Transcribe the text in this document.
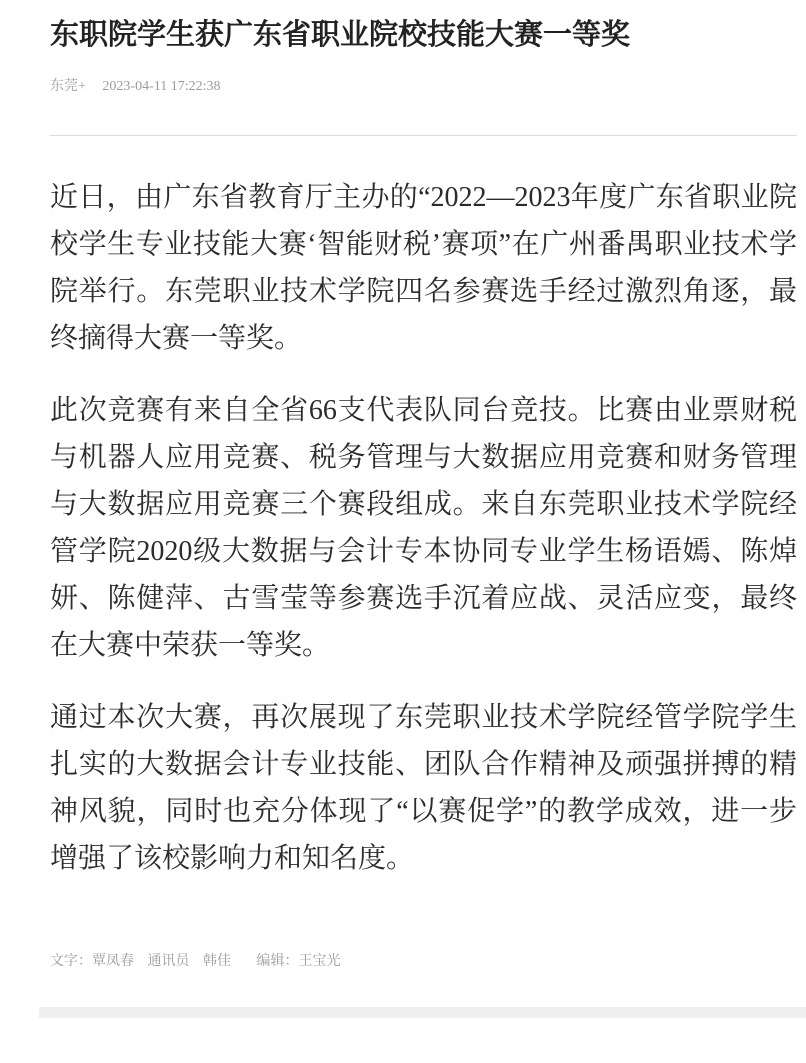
东职院学生获广东省职业院校技能大赛一等奖
东莞+ 2023-04-11 17:22:38

近日，由广东省教育厅主办的“2022—2023年度广东省职业院校学生专业技能大赛‘智能财税’赛项”在广州番禺职业技术学院举行。东莞职业技术学院四名参赛选手经过激烈角逐，最终摘得大赛一等奖。

此次竞赛有来自全省66支代表队同台竞技。比赛由业票财税与机器人应用竞赛、税务管理与大数据应用竞赛和财务管理与大数据应用竞赛三个赛段组成。来自东莞职业技术学院经管学院2020级大数据与会计专本协同专业学生杨语嫣、陈焯妍、陈健萍、古雪莹等参赛选手沉着应战、灵活应变，最终在大赛中荣获一等奖。

通过本次大赛，再次展现了东莞职业技术学院经管学院学生扎实的大数据会计专业技能、团队合作精神及顽强拼搏的精神风貌，同时也充分体现了“以赛促学”的教学成效，进一步增强了该校影响力和知名度。

文字：覃凤春 通讯员 韩佳 编辑：王宝光
